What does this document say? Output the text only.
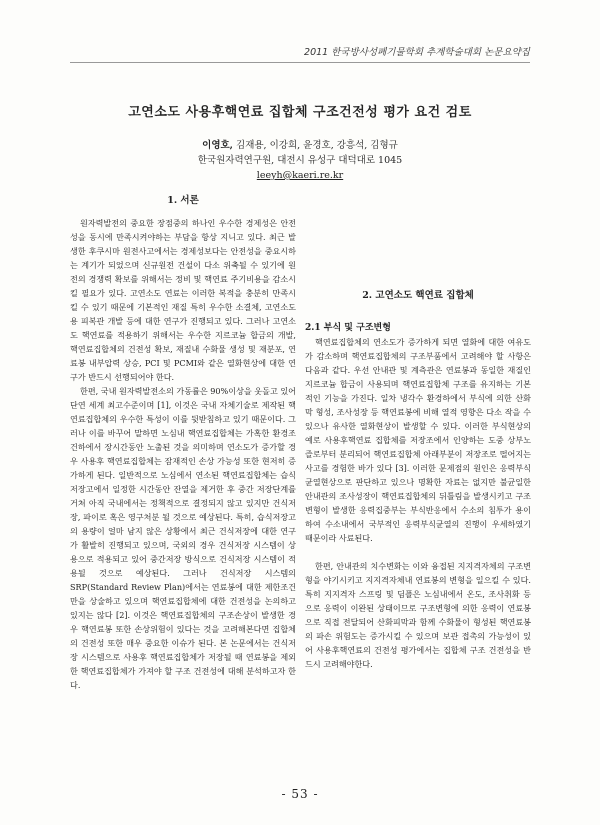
2011 한국방사성폐기물학회 추계학술대회 논문요약집
고연소도 사용후핵연료 집합체 구조건전성 평가 요건 검토
이영호, 김재용, 이강희, 윤경호, 강흥석, 김형규
한국원자력연구원, 대전시 유성구 대덕대로 1045
leeyh@kaeri.re.kr
1. 서론

원자력발전의 중요한 장점중의 하나인 우수한 경제성은 안전성을 동시에 만족시켜야하는 부담을 항상 지니고 있다. 최근 발생한 후쿠시마 원전사고에서는 경제성보다는 안전성을 중요시하는 계기가 되었으며 신규원전 건설이 다소 위축될 수 있기에 원전의 경쟁력 확보를 위해서는 정비 및 핵연료 주기비용을 감소시킬 필요가 있다. 고연소도 연료는 이러한 복적을 충분히 만족시킬 수 있기 때문에 기본적인 재질 특히 우수한 소결체, 고연소도용 피복관 개발 등에 대한 연구가 진행되고 있다. 그러나 고연소도 핵연료를 적용하기 위해서는 우수한 지르코늄 합금의 개발, 핵연료집합체의 건전성 확보, 재질내 수화물 생성 및 재분포, 연료봉 내부압력 상승, PCI 및 PCMI와 같은 열화현상에 대한 연구가 반드시 선행되어야 한다.

한편, 국내 원자력발전소의 가동률은 90%이상을 웃돌고 있어 단연 세계 최고수준이며 [1], 이것은 국내 자체기술로 제작된 핵연료집합체의 우수한 특성이 이를 뒷받침하고 있기 때문이다. 그러나 이를 바꾸어 말하면 노심내 핵연료집합체는 가혹한 환경조건하에서 장시간동안 노출된 것을 의미하며 연소도가 증가할 경우 사용후 핵연료집합체는 잠재적인 손상 가능성 또한 현저히 증가하게 된다. 일반적으로 노심에서 연소된 핵연료집합체는 습식저장고에서 일정한 시간동안 잔열을 제거한 후 중간 저장단계를 거쳐 아직 국내에서는 정책적으로 결정되지 않고 있지만 건식저장, 파이로 혹은 영구처분 될 것으로 예상된다. 특히, 습식저장고의 용량이 얼마 남지 않은 상황에서 최근 건식저장에 대한 연구가 활발히 진행되고 있으며, 국외의 경우 건식저장 시스템이 상용으로 적용되고 있어 중간저장 방식으로 건식저장 시스템이 적용될 것으로 예상된다. 그러나 건식저장 시스템의 SRP(Standard Review Plan)에서는 연료봉에 대한 제한조건만을 상술하고 있으며 핵연료집합체에 대한 건전성을 논의하고 있지는 않다 [2]. 이것은 핵연료집합체의 구조손상이 발생한 경우 핵연료봉 또한 손상위험이 있다는 것을 고려해본다면 집합체의 건전성 또한 매우 중요한 이슈가 된다. 본 논문에서는 건식저장 시스템으로 사용후 핵연료집합체가 저장될 때 연료봉을 제외한 핵연료집합체가 가져야 할 구조 건전성에 대해 분석하고자 한다.

2. 고연소도 핵연료 집합체
2.1 부식 및 구조변형

핵연료집합체의 연소도가 증가하게 되면 열화에 대한 여유도가 감소하며 핵연료집합체의 구조부품에서 고려해야 할 사항은 다음과 같다. 우선 안내관 및 계측관은 연료봉과 동일한 재질인 지르코늄 합금이 사용되며 핵연료집합체 구조를 유지하는 기본적인 기능을 가진다. 일차 냉각수 환경하에서 부식에 의한 산화막 형성, 조사성장 등 핵연료봉에 비해 열적 영향은 다소 작을 수 있으나 유사한 열화현상이 발생할 수 있다. 이러한 부식현상의 예로 사용후핵연료 집합체를 저장조에서 인양하는 도중 상부노즐로부터 분리되어 핵연료집합체 아래부분이 저장조로 떨어지는 사고를 경험한 바가 있다 [3]. 이러한 문제점의 원인은 응력부식균열현상으로 판단하고 있으나 명확한 자료는 없지만 불균일한 안내관의 조사성장이 핵연료집합체의 뒤틀림을 발생시키고 구조변형이 발생한 응력집중부는 부식반응에서 수소의 침투가 용이하여 수소내에서 국부적인 응력부식균열의 진행이 우세하였기 때문이라 사료된다.

한편, 안내관의 치수변화는 이와 융접된 지지격자체의 구조변형을 야기시키고 지지격자체내 연료봉의 변형을 일으킬 수 있다. 특히 지지격자 스프링 및 딤플은 노심내에서 온도, 조사취화 등으로 응력이 이완된 상태이므로 구조변형에 의한 응력이 연료봉으로 직접 전달되어 산화피막과 함께 수화물이 형성된 핵연료봉의 파손 위험도는 증가시킬 수 있으며 보관 접촉의 가능성이 있어 사용후핵연료의 건전성 평가에서는 집합체 구조 건전성을 반드시 고려해야한다.

- 53 -
